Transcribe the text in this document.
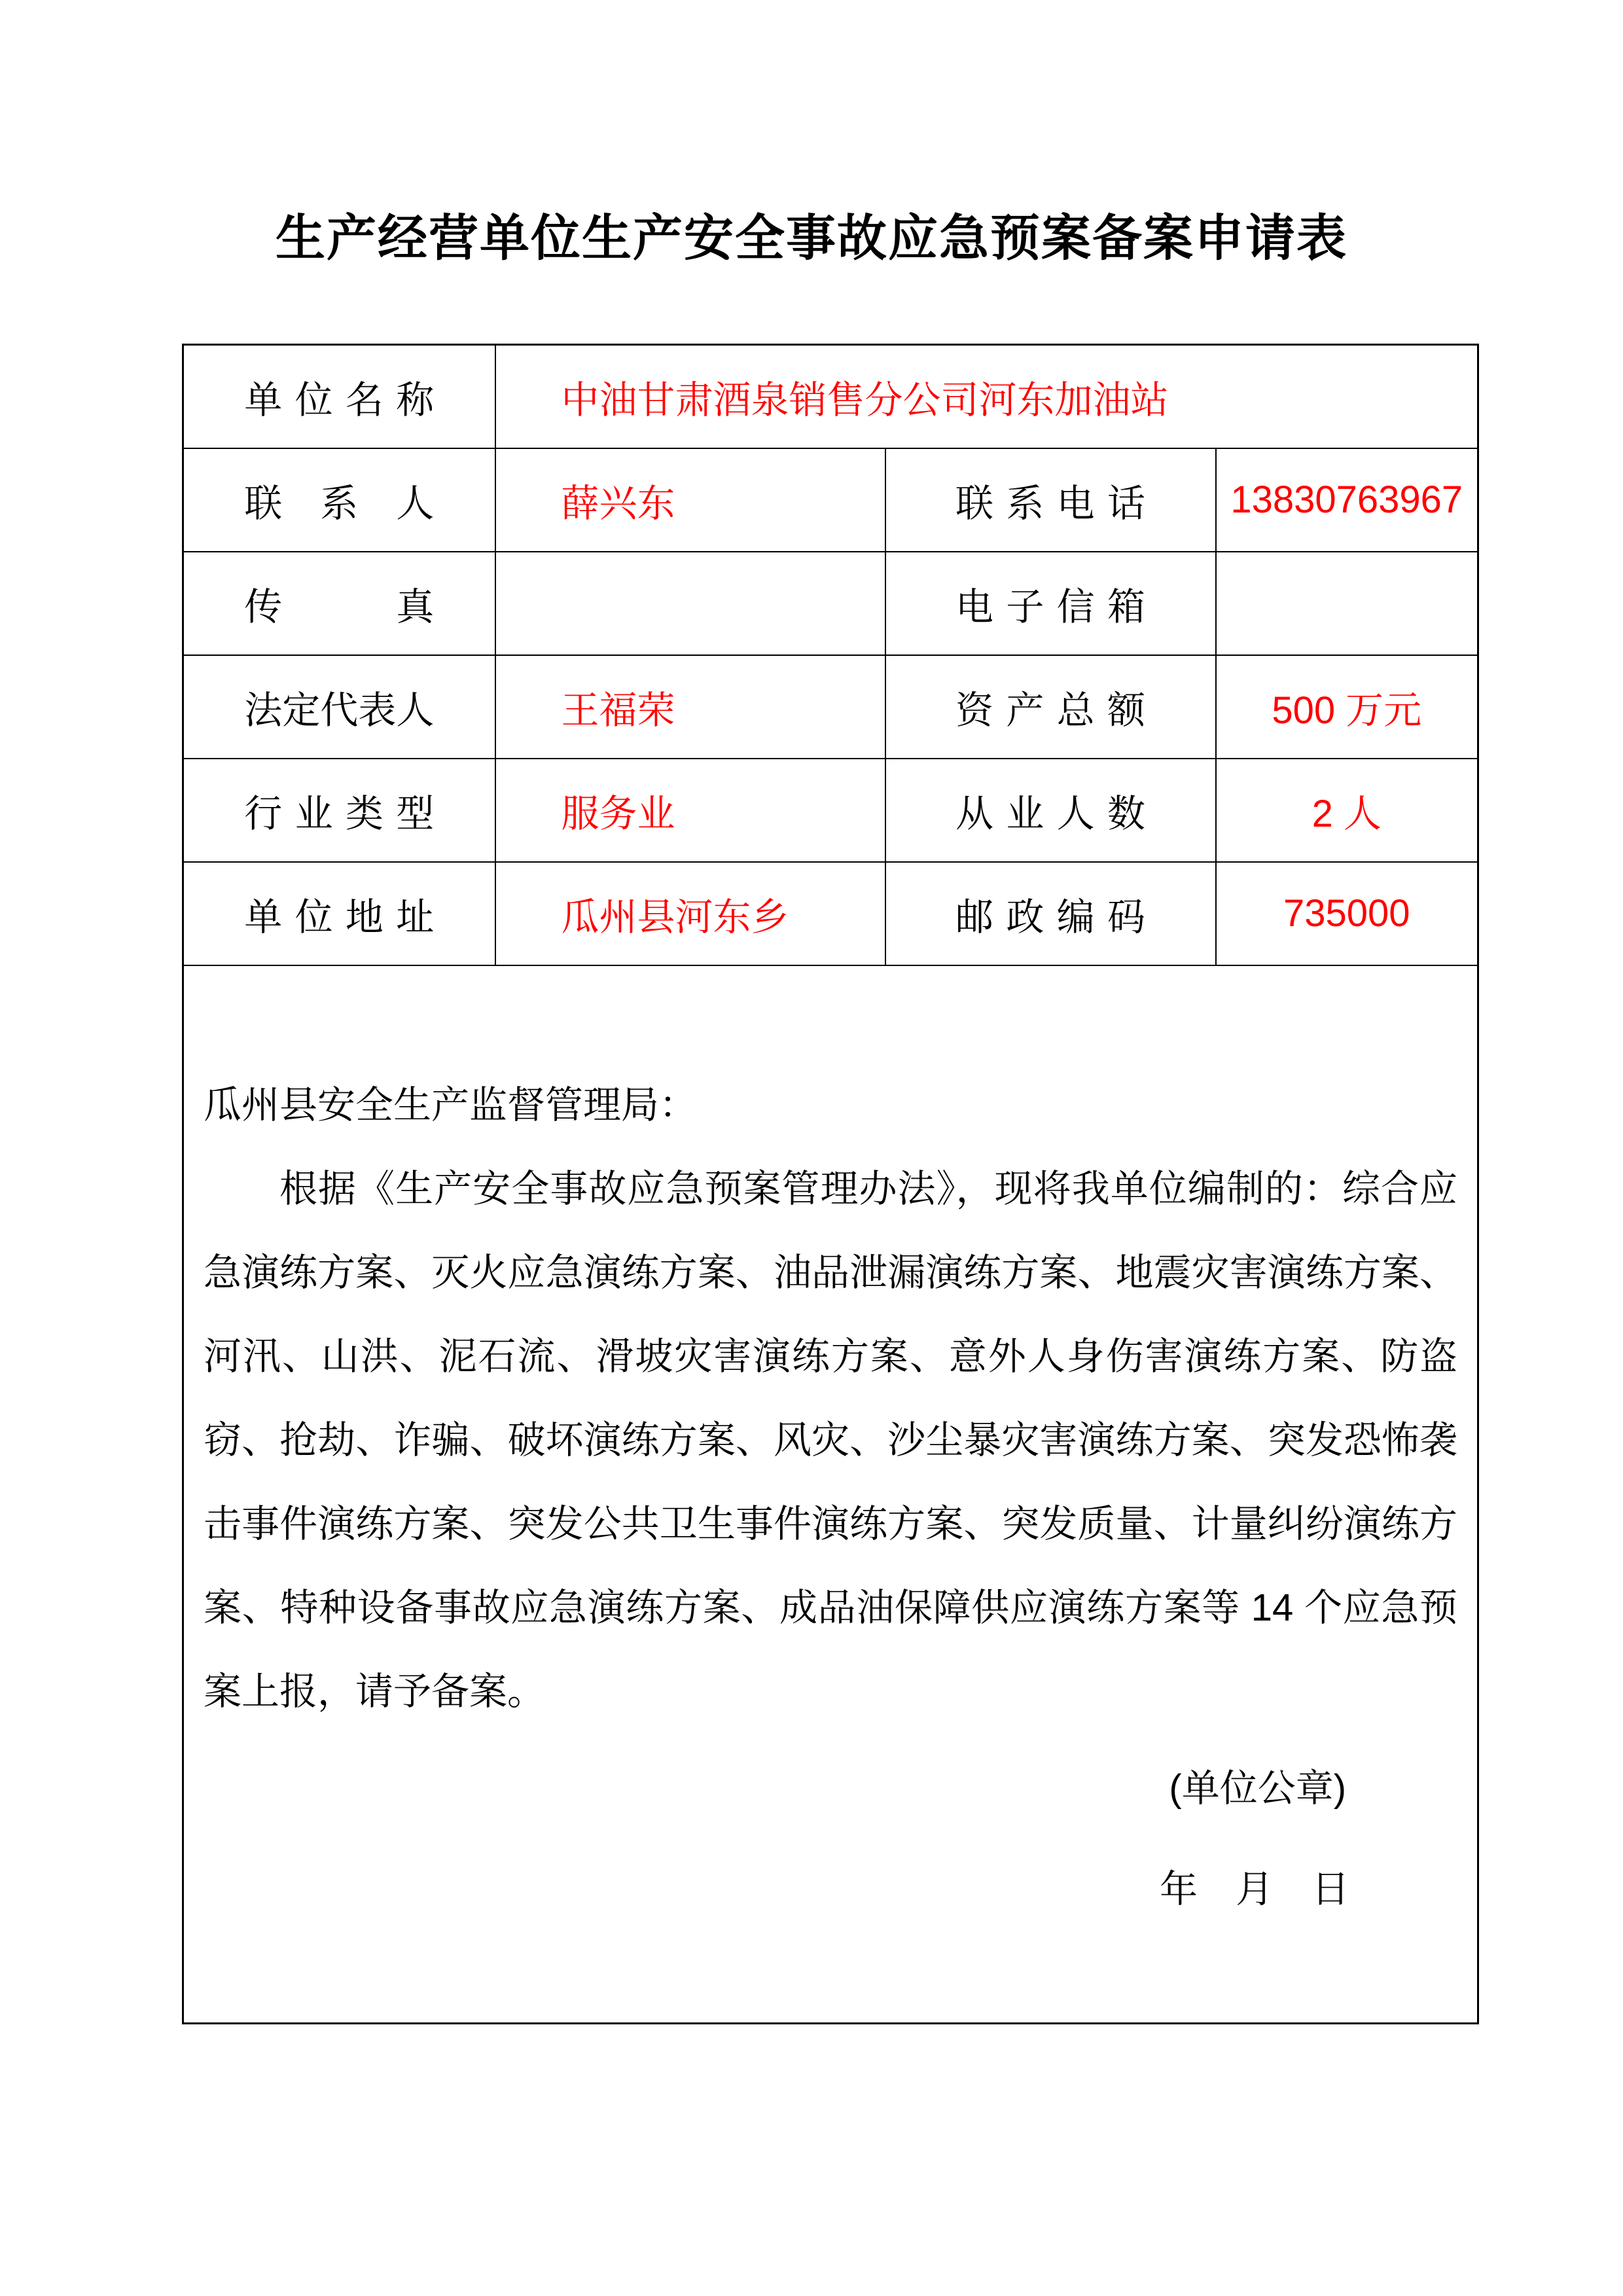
生产经营单位生产安全事故应急预案备案申请表
单位名称	中油甘肃酒泉销售分公司河东加油站		
联系人	薛兴东	联系电话	13830763967
传真		电子信箱	
法定代表人	王福荣	资产总额	500 万元
行业类型	服务业	从业人数	2 人
单位地址	瓜州县河东乡	邮政编码	735000

瓜州县安全生产监督管理局：

根据《生产安全事故应急预案管理办法》，现将我单位编制的：综合应急演练方案、灭火应急演练方案、油品泄漏演练方案、地震灾害演练方案、河汛、山洪、泥石流、滑坡灾害演练方案、意外人身伤害演练方案、防盗窃、抢劫、诈骗、破坏演练方案、风灾、沙尘暴灾害演练方案、突发恐怖袭击事件演练方案、突发公共卫生事件演练方案、突发质量、计量纠纷演练方案、特种设备事故应急演练方案、成品油保障供应演练方案等 14 个应急预案上报，请予备案。

(单位公章)

年　月　日			
